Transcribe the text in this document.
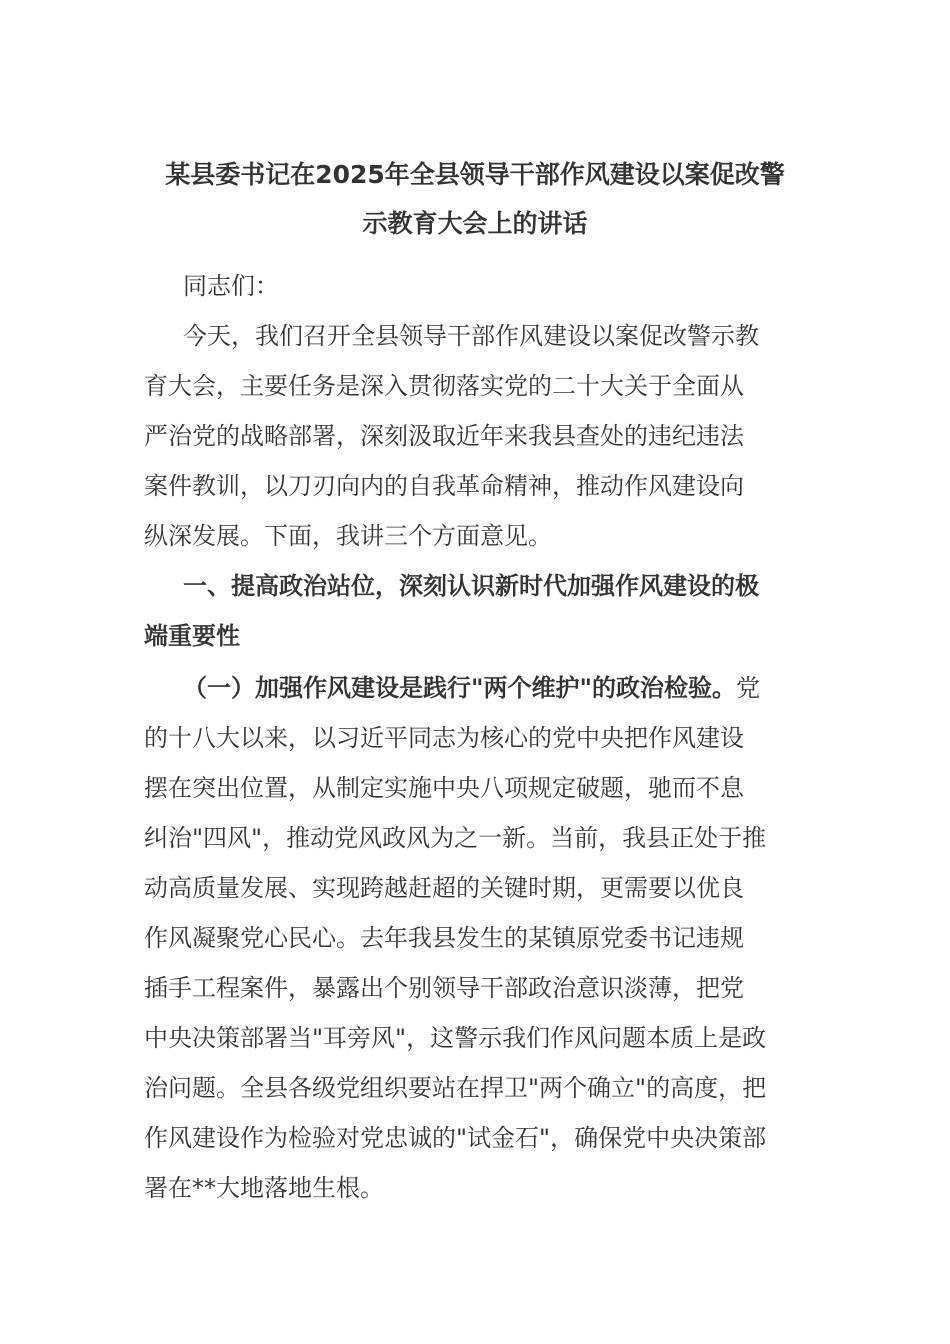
某县委书记在2025年全县领导干部作风建设以案促改警
示教育大会上的讲话
同志们：
今天，我们召开全县领导干部作风建设以案促改警示教
育大会，主要任务是深入贯彻落实党的二十大关于全面从
严治党的战略部署，深刻汲取近年来我县查处的违纪违法
案件教训，以刀刃向内的自我革命精神，推动作风建设向
纵深发展。下面，我讲三个方面意见。
一、提高政治站位，深刻认识新时代加强作风建设的极
端重要性
（一）加强作风建设是践行"两个维护"的政治检验。党
的十八大以来，以习近平同志为核心的党中央把作风建设
摆在突出位置，从制定实施中央八项规定破题，驰而不息
纠治"四风"，推动党风政风为之一新。当前，我县正处于推
动高质量发展、实现跨越赶超的关键时期，更需要以优良
作风凝聚党心民心。去年我县发生的某镇原党委书记违规
插手工程案件，暴露出个别领导干部政治意识淡薄，把党
中央决策部署当"耳旁风"，这警示我们作风问题本质上是政
治问题。全县各级党组织要站在捍卫"两个确立"的高度，把
作风建设作为检验对党忠诚的"试金石"，确保党中央决策部
署在**大地落地生根。
